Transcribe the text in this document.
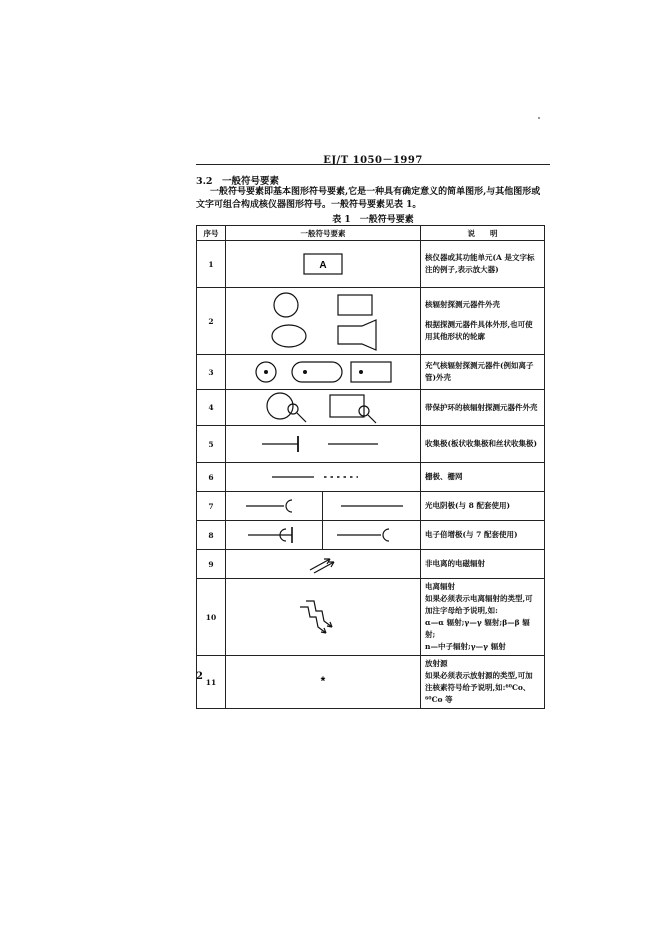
EJ/T 1050－1997
3.2　一般符号要素
一般符号要素即基本图形符号要素,它是一种具有确定意义的简单图形,与其他图形或
文字可组合构成核仪器图形符号。一般符号要素见表 1。
表 1　一般符号要素
序号	一般符号要素		说　　明
1	A		核仪器或其功能单元(A 是文字标注的例子,表示放大器)
2			核辐射探测元器件外壳
根据探测元器件具体外形,也可使用其他形状的轮廓
3			充气核辐射探测元器件(例如离子管)外壳
4			带保护环的核辐射探测元器件外壳
5			收集极(板状收集极和丝状收集极)
6			栅极、栅网
7			光电阴极(与 8 配套使用)
8			电子倍增极(与 7 配套使用)
9			非电离的电磁辐射
10			电离辐射
如果必须表示电离辐射的类型,可加注字母给予说明,如:
α—α 辐射;γ—γ 辐射;β—β 辐射;
n—中子辐射;γ—γ 辐射
11	*		放射源
如果必须表示放射源的类型,可加注核素符号给予说明,如:⁶⁰Co、
⁶⁰Co 等
2
